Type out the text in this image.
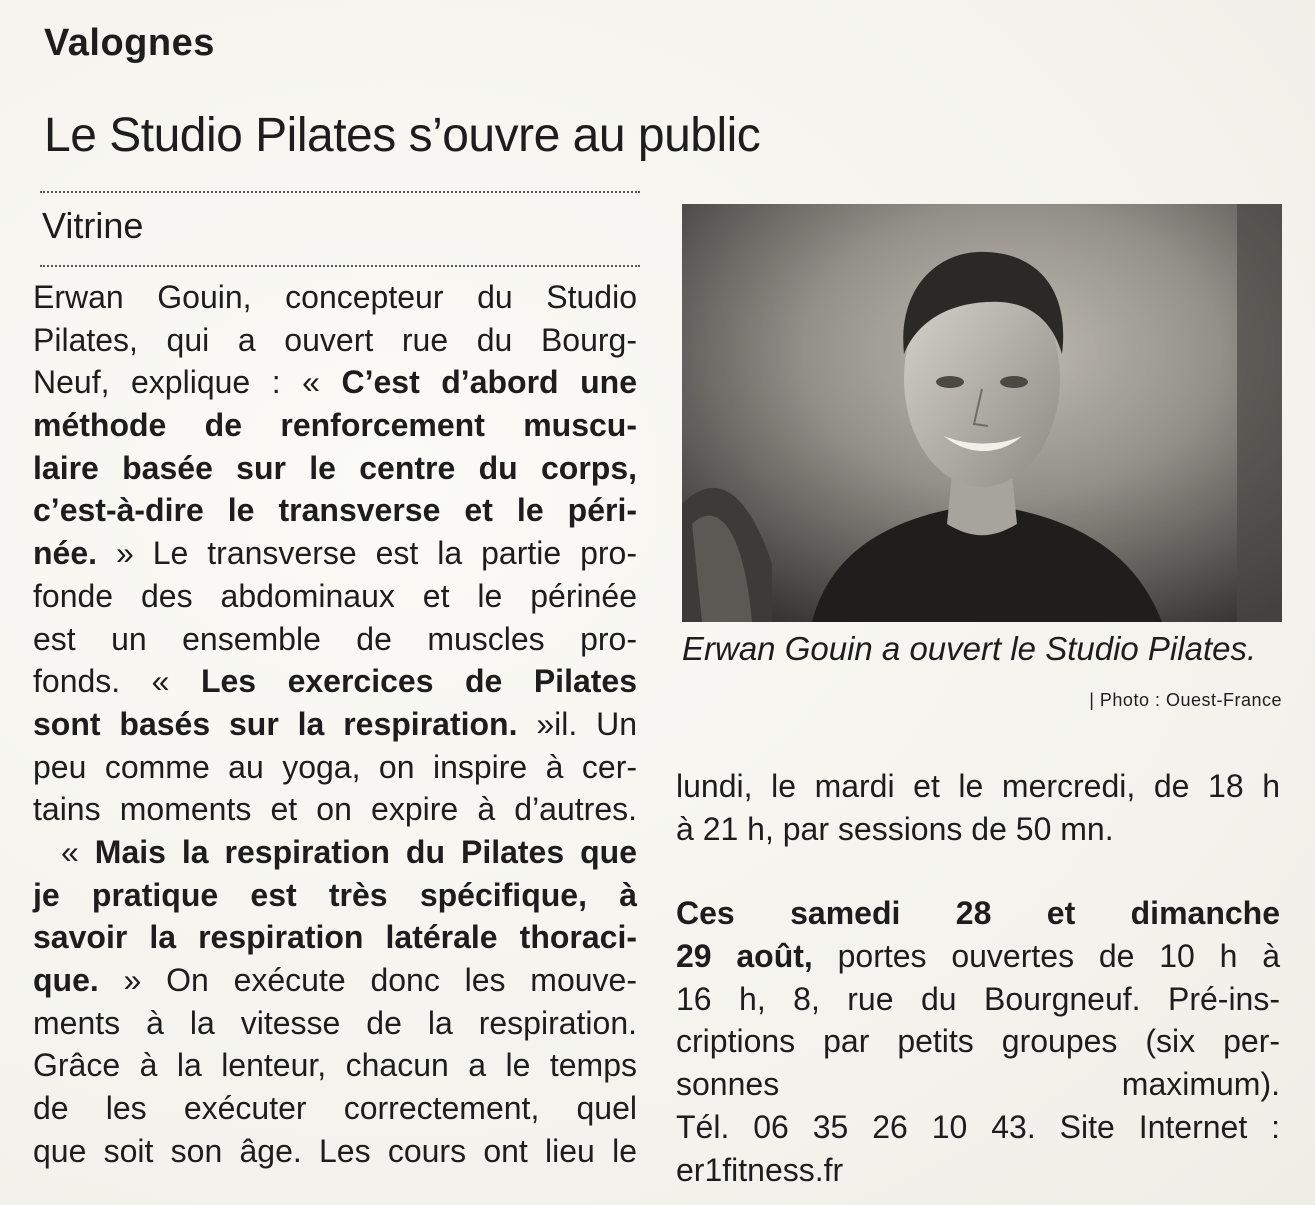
Valognes
Le Studio Pilates s’ouvre au public
Vitrine
Erwan Gouin, concepteur du Studio
Pilates, qui a ouvert rue du Bourg-
Neuf, explique : « C’est d’abord une
méthode de renforcement muscu-
laire basée sur le centre du corps,
c’est-à-dire le transverse et le péri-
née. » Le transverse est la partie pro-
fonde des abdominaux et le périnée
est un ensemble de muscles pro-
fonds. « Les exercices de Pilates
sont basés sur la respiration. »il. Un
peu comme au yoga, on inspire à cer-
tains moments et on expire à d’autres.
« Mais la respiration du Pilates que
je pratique est très spécifique, à
savoir la respiration latérale thoraci-
que. » On exécute donc les mouve-
ments à la vitesse de la respiration.
Grâce à la lenteur, chacun a le temps
de les exécuter correctement, quel
que soit son âge. Les cours ont lieu le
Erwan Gouin a ouvert le Studio Pilates.
| Photo : Ouest-France
lundi, le mardi et le mercredi, de 18 h
à 21 h, par sessions de 50 mn.
Ces samedi 28 et dimanche
29 août, portes ouvertes de 10 h à
16 h, 8, rue du Bourgneuf. Pré-ins-
criptions par petits groupes (six per-
sonnes maximum).
Tél. 06 35 26 10 43. Site Internet :
er1fitness.fr
